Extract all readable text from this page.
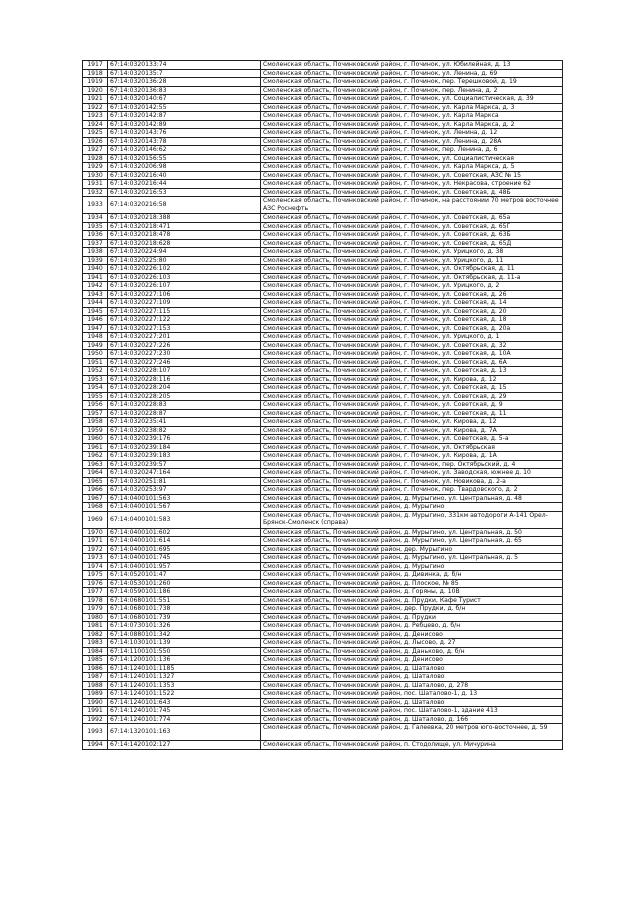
1917	67:14:0320133:74	Смоленская область, Починковский район, г. Починок, ул. Юбилейная, д. 13
1918	67:14:0320135:7	Смоленская область, Починковский район, г. Починок, ул. Ленина, д. 69
1919	67:14:0320136:28	Смоленская область, Починковский район, г. Починок, пер. Терешковой, д. 19
1920	67:14:0320136:83	Смоленская область, Починковский район, г. Починок, пер. Ленина, д. 2
1921	67:14:0320140:67	Смоленская область, Починковский район, г. Починок, ул. Социалистическая, д. 39
1922	67:14:0320142:55	Смоленская область, Починковский район, г. Починок, ул. Карла Маркса, д. 3
1923	67:14:0320142:87	Смоленская область, Починковский район, г. Починок, ул. Карла Маркса
1924	67:14:0320142:89	Смоленская область, Починковский район, г. Починок, ул. Карла Маркса, д. 2
1925	67:14:0320143:76	Смоленская область, Починковский район, г. Починок, ул. Ленина, д. 12
1926	67:14:0320143:78	Смоленская область, Починковский район, г. Починок, ул. Ленина, д. 28А
1927	67:14:0320146:62	Смоленская область, Починковский район, г. Починок, пер. Ленина, д. 6
1928	67:14:0320156:55	Смоленская область, Починковский район, г. Починок, ул. Социалистическая
1929	67:14:0320206:98	Смоленская область, Починковский район, г. Починок, ул. Карла Маркса, д. 5
1930	67:14:0320216:40	Смоленская область, Починковский район, г. Починок, ул. Советская, АЗС № 15
1931	67:14:0320216:44	Смоленская область, Починковский район, г. Починок, ул. Некрасова, строение 62
1932	67:14:0320216:53	Смоленская область, Починковский район, г. Починок, ул. Советская, д. 48Б
1933	67:14:0320216:58	Смоленская область, Починковский район, г. Починок, на расстоянии 70 метров восточнее АЗС Роснефть
1934	67:14:0320218:388	Смоленская область, Починковский район, г. Починок, ул. Советская, д. 65а
1935	67:14:0320218:471	Смоленская область, Починковский район, г. Починок, ул. Советская, д. 65Г
1936	67:14:0320218:478	Смоленская область, Починковский район, г. Починок, ул. Советская, д. 63Б
1937	67:14:0320218:628	Смоленская область, Починковский район, г. Починок, ул. Советская, д. 65Д
1938	67:14:0320224:94	Смоленская область, Починковский район, г. Починок, ул. Урицкого, д. 38
1939	67:14:0320225:80	Смоленская область, Починковский район, г. Починок, ул. Урицкого, д. 11
1940	67:14:0320226:102	Смоленская область, Починковский район, г. Починок, ул. Октябрьская, д. 11
1941	67:14:0320226:103	Смоленская область, Починковский район, г. Починок, ул. Октябрьская, д. 11-а
1942	67:14:0320226:107	Смоленская область, Починковский район, г. Починок, ул. Урицкого, д. 2
1943	67:14:0320227:106	Смоленская область, Починковский район, г. Починок, ул. Советская, д. 26
1944	67:14:0320227:109	Смоленская область, Починковский район, г. Починок, ул. Советская, д. 14
1945	67:14:0320227:115	Смоленская область, Починковский район, г. Починок, ул. Советская, д. 20
1946	67:14:0320227:122	Смоленская область, Починковский район, г. Починок, ул. Советская, д. 18
1947	67:14:0320227:153	Смоленская область, Починковский район, г. Починок, ул. Советская, д. 20а
1948	67:14:0320227:201	Смоленская область, Починковский район, г. Починок, ул. Урицкого, д. 1
1949	67:14:0320227:226	Смоленская область, Починковский район, г. Починок, ул. Советская, д. 32
1950	67:14:0320227:230	Смоленская область, Починковский район, г. Починок, ул. Советская, д. 10А
1951	67:14:0320227:246	Смоленская область, Починковский район, г. Починок, ул. Советская, д. 6А
1952	67:14:0320228:107	Смоленская область, Починковский район, г. Починок, ул. Советская, д. 13
1953	67:14:0320228:116	Смоленская область, Починковский район, г. Починок, ул. Кирова, д. 12
1954	67:14:0320228:204	Смоленская область, Починковский район, г. Починок, ул. Советская, д. 15
1955	67:14:0320228:205	Смоленская область, Починковский район, г. Починок, ул. Советская, д. 29
1956	67:14:0320228:83	Смоленская область, Починковский район, г. Починок, ул. Советская, д. 9
1957	67:14:0320228:87	Смоленская область, Починковский район, г. Починок, ул. Советская, д. 11
1958	67:14:0320235:41	Смоленская область, Починковский район, г. Починок, ул. Кирова, д. 12
1959	67:14:0320238:82	Смоленская область, Починковский район, г. Починок, ул. Кирова, д. 7А
1960	67:14:0320239:176	Смоленская область, Починковский район, г. Починок, ул. Советская, д. 5-а
1961	67:14:0320239:184	Смоленская область, Починковский район, г. Починок, ул. Октябрьская
1962	67:14:0320239:183	Смоленская область, Починковский район, г. Починок, ул. Кирова, д. 1А
1963	67:14:0320239:57	Смоленская область, Починковский район, г. Починок, пер. Октябрьский, д. 4
1964	67:14:0320247:164	Смоленская область, Починковский район, г. Починок, ул. Заводская, южнее д. 10
1965	67:14:0320251:81	Смоленская область, Починковский район, г. Починок, ул. Новикова, д. 2-а
1966	67:14:0320253:97	Смоленская область, Починковский район, г. Починок, пер. Твардовского, д. 2
1967	67:14:0400101:563	Смоленская область, Починковский район, д. Мурыгино, ул. Центральная, д. 48
1968	67:14:0400101:567	Смоленская область, Починковский район, д. Мурыгино
1969	67:14:0400101:583	Смоленская область, Починковский район, д. Мурыгино, 331км автодороги А-141 Орел-Брянск-Смоленск (справа)
1970	67:14:0400101:602	Смоленская область, Починковский район, д. Мурыгино, ул. Центральная, д. 50
1971	67:14:0400101:614	Смоленская область, Починковский район, д. Мурыгино, ул. Центральная, д. 65
1972	67:14:0400101:695	Смоленская область, Починковский район, дер. Мурыгино
1973	67:14:0400101:745	Смоленская область, Починковский район, д. Мурыгино, ул. Центральная, д. 5
1974	67:14:0400101:957	Смоленская область, Починковский район, д. Мурыгино
1975	67:14:0520101:47	Смоленская область, Починковский район, д. Дивинка, д. б/н
1976	67:14:0530101:260	Смоленская область, Починковский район, д. Плоское, № 85
1977	67:14:0590101:186	Смоленская область, Починковский район, д. Горяны, д. 10В
1978	67:14:0680101:551	Смоленская область, Починковский район, д. Прудки, Кафе Турист
1979	67:14:0680101:738	Смоленская область, Починковский район, дер. Прудки, д. б/н
1980	67:14:0680101:739	Смоленская область, Починковский район, д. Прудки
1981	67:14:0730101:326	Смоленская область, Починковский район, д. Ребцево, д. б/н
1982	67:14:0880101:342	Смоленская область, Починковский район, д. Денисово
1983	67:14:1030101:139	Смоленская область, Починковский район, д. Лысово, д. 27
1984	67:14:1100101:550	Смоленская область, Починковский район, д. Даньково, д. б/н
1985	67:14:1200101:136	Смоленская область, Починковский район, д. Денисово
1986	67:14:1240101:1185	Смоленская область, Починковский район, д. Шаталово
1987	67:14:1240101:1327	Смоленская область, Починковский район, д. Шаталово
1988	67:14:1240101:1353	Смоленская область, Починковский район, д. Шаталово, д. 278
1989	67:14:1240101:1522	Смоленская область, Починковский район, пос. Шаталово-1, д. 13
1990	67:14:1240101:643	Смоленская область, Починковский район, д. Шаталово
1991	67:14:1240101:745	Смоленская область, Починковский район, пос. Шаталово-1, здание 413
1992	67:14:1240101:774	Смоленская область, Починковский район, д. Шаталово, д. 166
1993	67:14:1320101:163	Смоленская область, Починковский район, д. Галеевка, 20 метров юго-восточнее, д. 59
1994	67:14:1420102:127	Смоленская область, Починковский район, п. Стодолище, ул. Мичурина
